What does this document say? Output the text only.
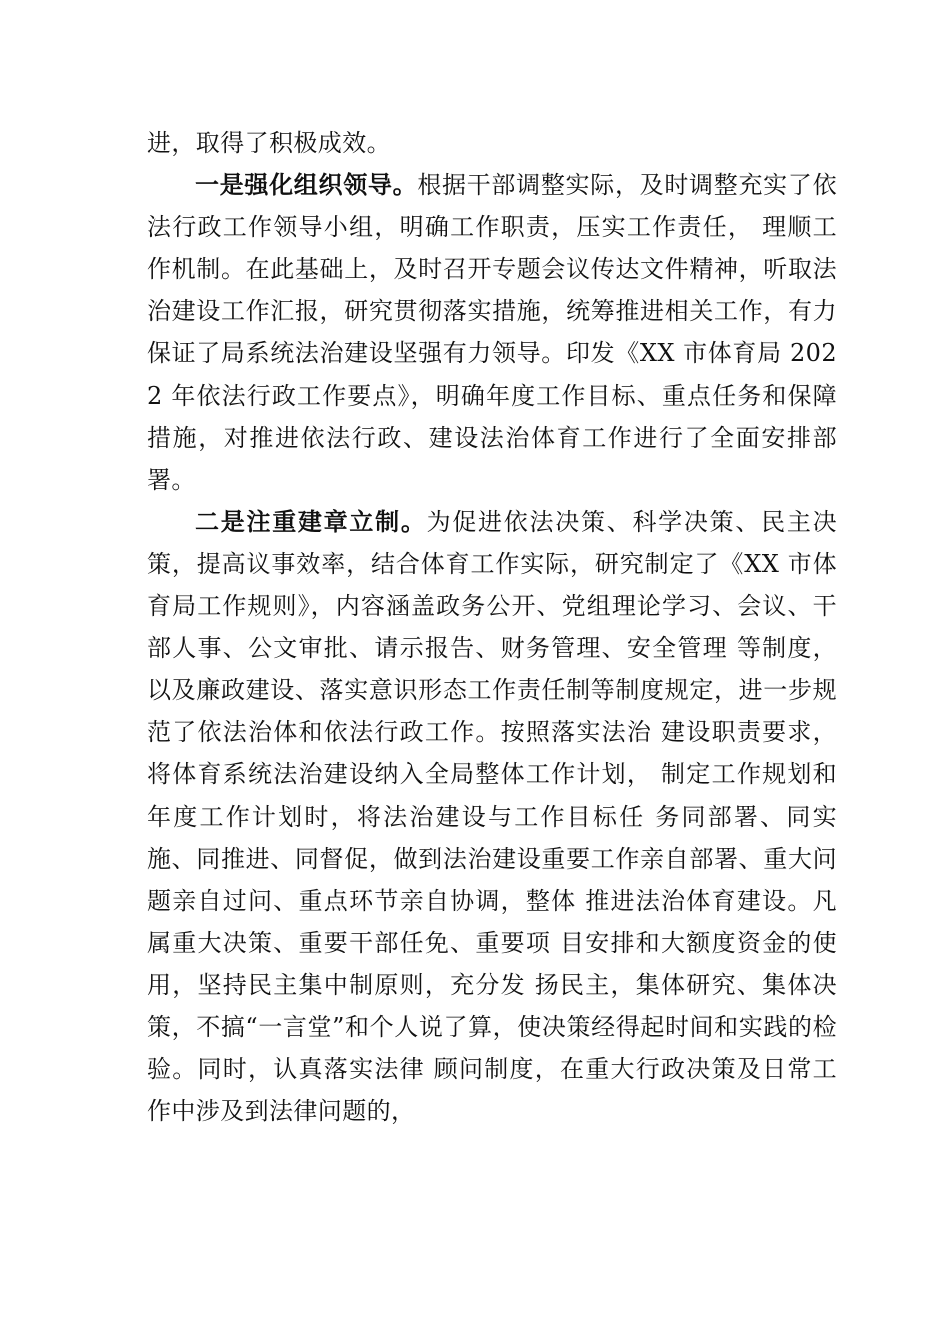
进，取得了积极成效。

一是强化组织领导。根据干部调整实际，及时调整充实了依法行政工作领导小组，明确工作职责，压实工作责任， 理顺工作机制。在此基础上，及时召开专题会议传达文件精神，听取法治建设工作汇报，研究贯彻落实措施，统筹推进相关工作，有力保证了局系统法治建设坚强有力领导。印发《XX 市体育局 2022 年依法行政工作要点》，明确年度工作目标、重点任务和保障措施，对推进依法行政、建设法治体育工作进行了全面安排部署。

二是注重建章立制。为促进依法决策、科学决策、民主决策，提高议事效率，结合体育工作实际，研究制定了《XX 市体育局工作规则》，内容涵盖政务公开、党组理论学习、会议、干部人事、公文审批、请示报告、财务管理、安全管理 等制度，以及廉政建设、落实意识形态工作责任制等制度规定，进一步规范了依法治体和依法行政工作。按照落实法治 建设职责要求，将体育系统法治建设纳入全局整体工作计划， 制定工作规划和年度工作计划时，将法治建设与工作目标任 务同部署、同实施、同推进、同督促，做到法治建设重要工作亲自部署、重大问题亲自过问、重点环节亲自协调，整体 推进法治体育建设。凡属重大决策、重要干部任免、重要项 目安排和大额度资金的使用，坚持民主集中制原则，充分发 扬民主，集体研究、集体决策，不搞“一言堂”和个人说了算，使决策经得起时间和实践的检验。同时，认真落实法律 顾问制度，在重大行政决策及日常工作中涉及到法律问题的，
